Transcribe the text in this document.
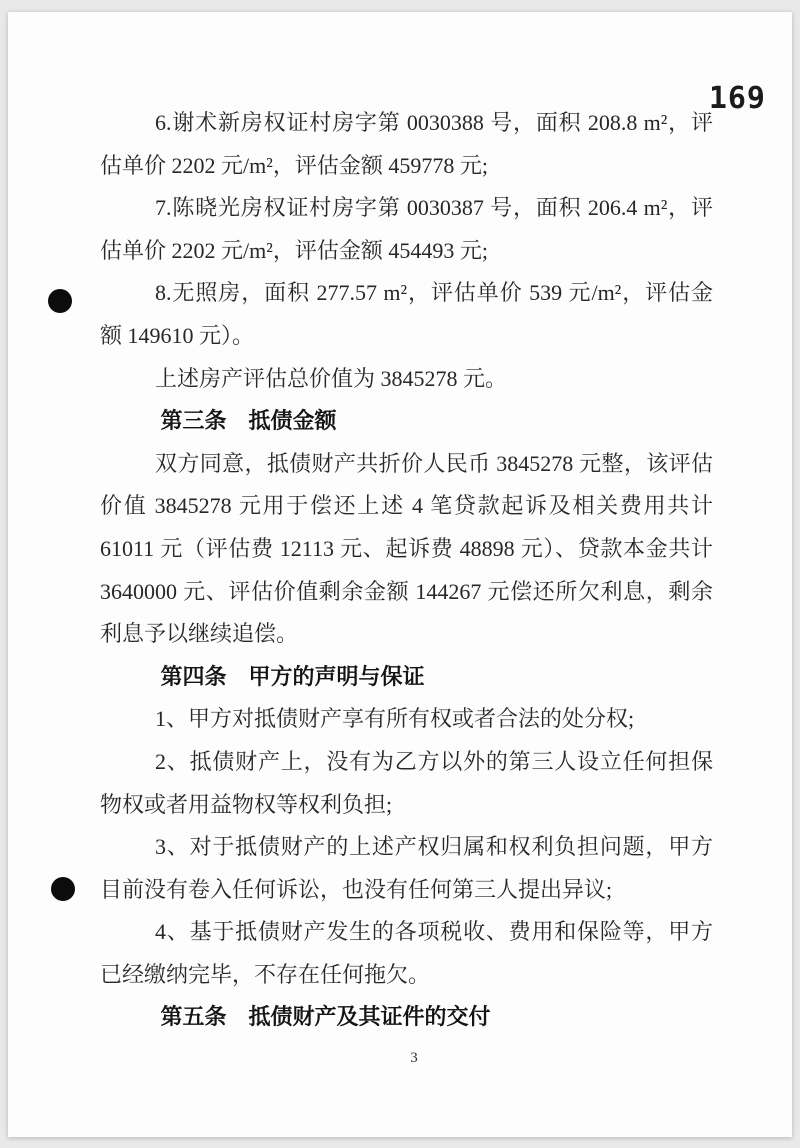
169

6.谢术新房权证村房字第 0030388 号，面积 208.8 m²，评估单价 2202 元/m²，评估金额 459778 元;

7.陈晓光房权证村房字第 0030387 号，面积 206.4 m²，评估单价 2202 元/m²，评估金额 454493 元;

8.无照房，面积 277.57 m²，评估单价 539 元/m²，评估金额 149610 元）。

上述房产评估总价值为 3845278 元。

第三条　抵债金额

双方同意，抵债财产共折价人民币 3845278 元整，该评估价值 3845278 元用于偿还上述 4 笔贷款起诉及相关费用共计 61011 元（评估费 12113 元、起诉费 48898 元）、贷款本金共计 3640000 元、评估价值剩余金额 144267 元偿还所欠利息，剩余利息予以继续追偿。

第四条　甲方的声明与保证

1、甲方对抵债财产享有所有权或者合法的处分权;

2、抵债财产上，没有为乙方以外的第三人设立任何担保物权或者用益物权等权利负担;

3、对于抵债财产的上述产权归属和权利负担问题，甲方目前没有卷入任何诉讼，也没有任何第三人提出异议;

4、基于抵债财产发生的各项税收、费用和保险等，甲方已经缴纳完毕，不存在任何拖欠。

第五条　抵债财产及其证件的交付

3
